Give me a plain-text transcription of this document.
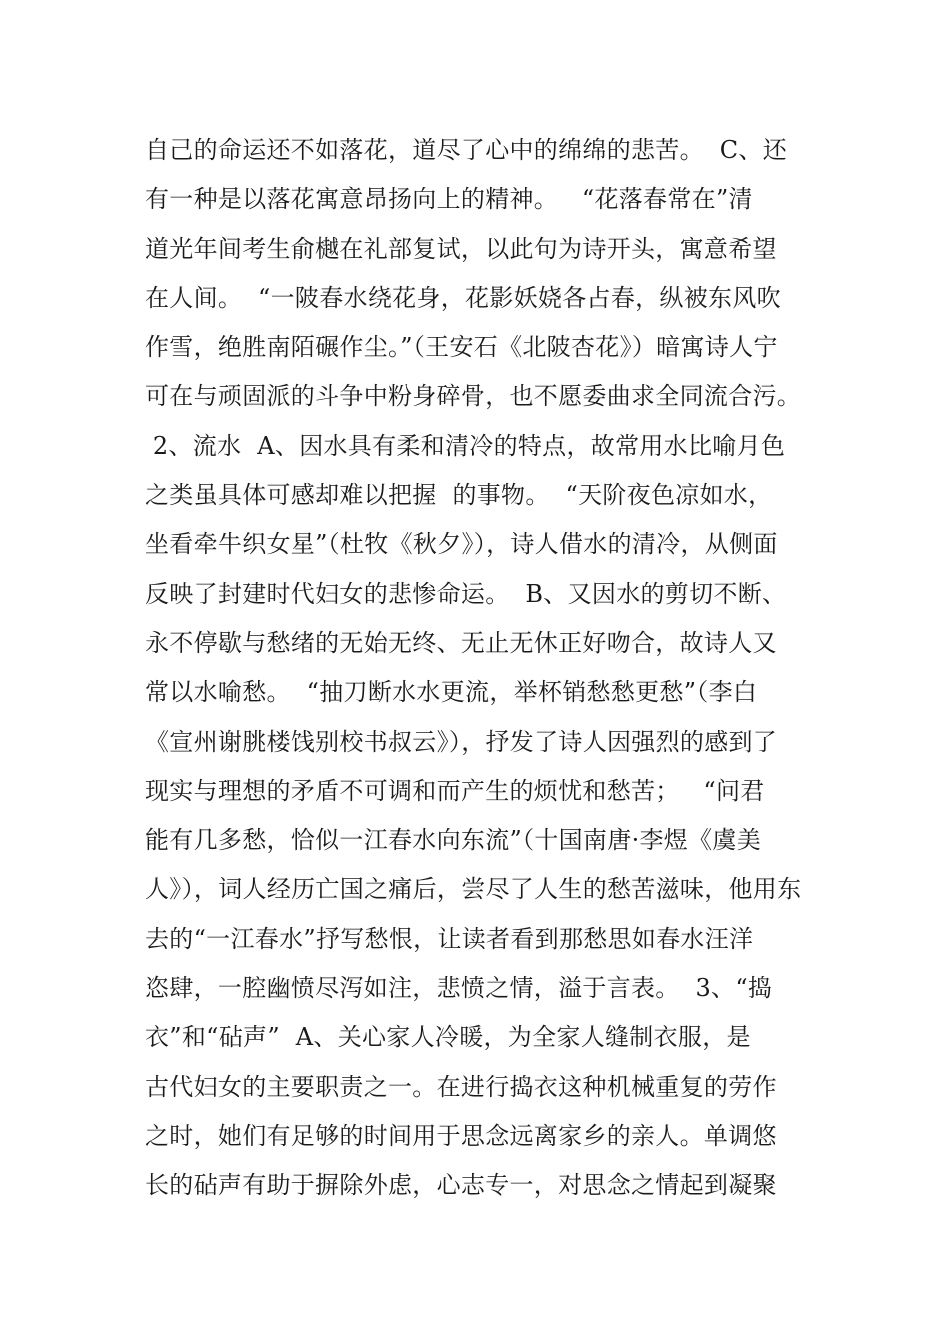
自己的命运还不如落花，道尽了心中的绵绵的悲苦。  C、还
有一种是以落花寓意昂扬向上的精神。   “花落春常在”清
道光年间考生俞樾在礼部复试，以此句为诗开头，寓意希望
在人间。  “一陂春水绕花身，花影妖娆各占春，纵被东风吹
作雪，绝胜南陌碾作尘。”（王安石《北陂杏花》）暗寓诗人宁
可在与顽固派的斗争中粉身碎骨，也不愿委曲求全同流合污。
2、流水  A、因水具有柔和清冷的特点，故常用水比喻月色
之类虽具体可感却难以把握  的事物。  “天阶夜色凉如水，
坐看牵牛织女星”（杜牧《秋夕》），诗人借水的清冷，从侧面
反映了封建时代妇女的悲惨命运。  B、又因水的剪切不断、
永不停歇与愁绪的无始无终、无止无休正好吻合，故诗人又
常以水喻愁。  “抽刀断水水更流，举杯销愁愁更愁”（李白
《宣州谢朓楼饯别校书叔云》），抒发了诗人因强烈的感到了
现实与理想的矛盾不可调和而产生的烦忧和愁苦；   “问君
能有几多愁，恰似一江春水向东流”（十国南唐·李煜《虞美
人》），词人经历亡国之痛后，尝尽了人生的愁苦滋味，他用东
去的“一江春水”抒写愁恨，让读者看到那愁思如春水汪洋
恣肆，一腔幽愤尽泻如注，悲愤之情，溢于言表。  3、“捣
衣”和“砧声”  A、关心家人冷暖，为全家人缝制衣服，是
古代妇女的主要职责之一。在进行捣衣这种机械重复的劳作
之时，她们有足够的时间用于思念远离家乡的亲人。单调悠
长的砧声有助于摒除外虑，心志专一，对思念之情起到凝聚
